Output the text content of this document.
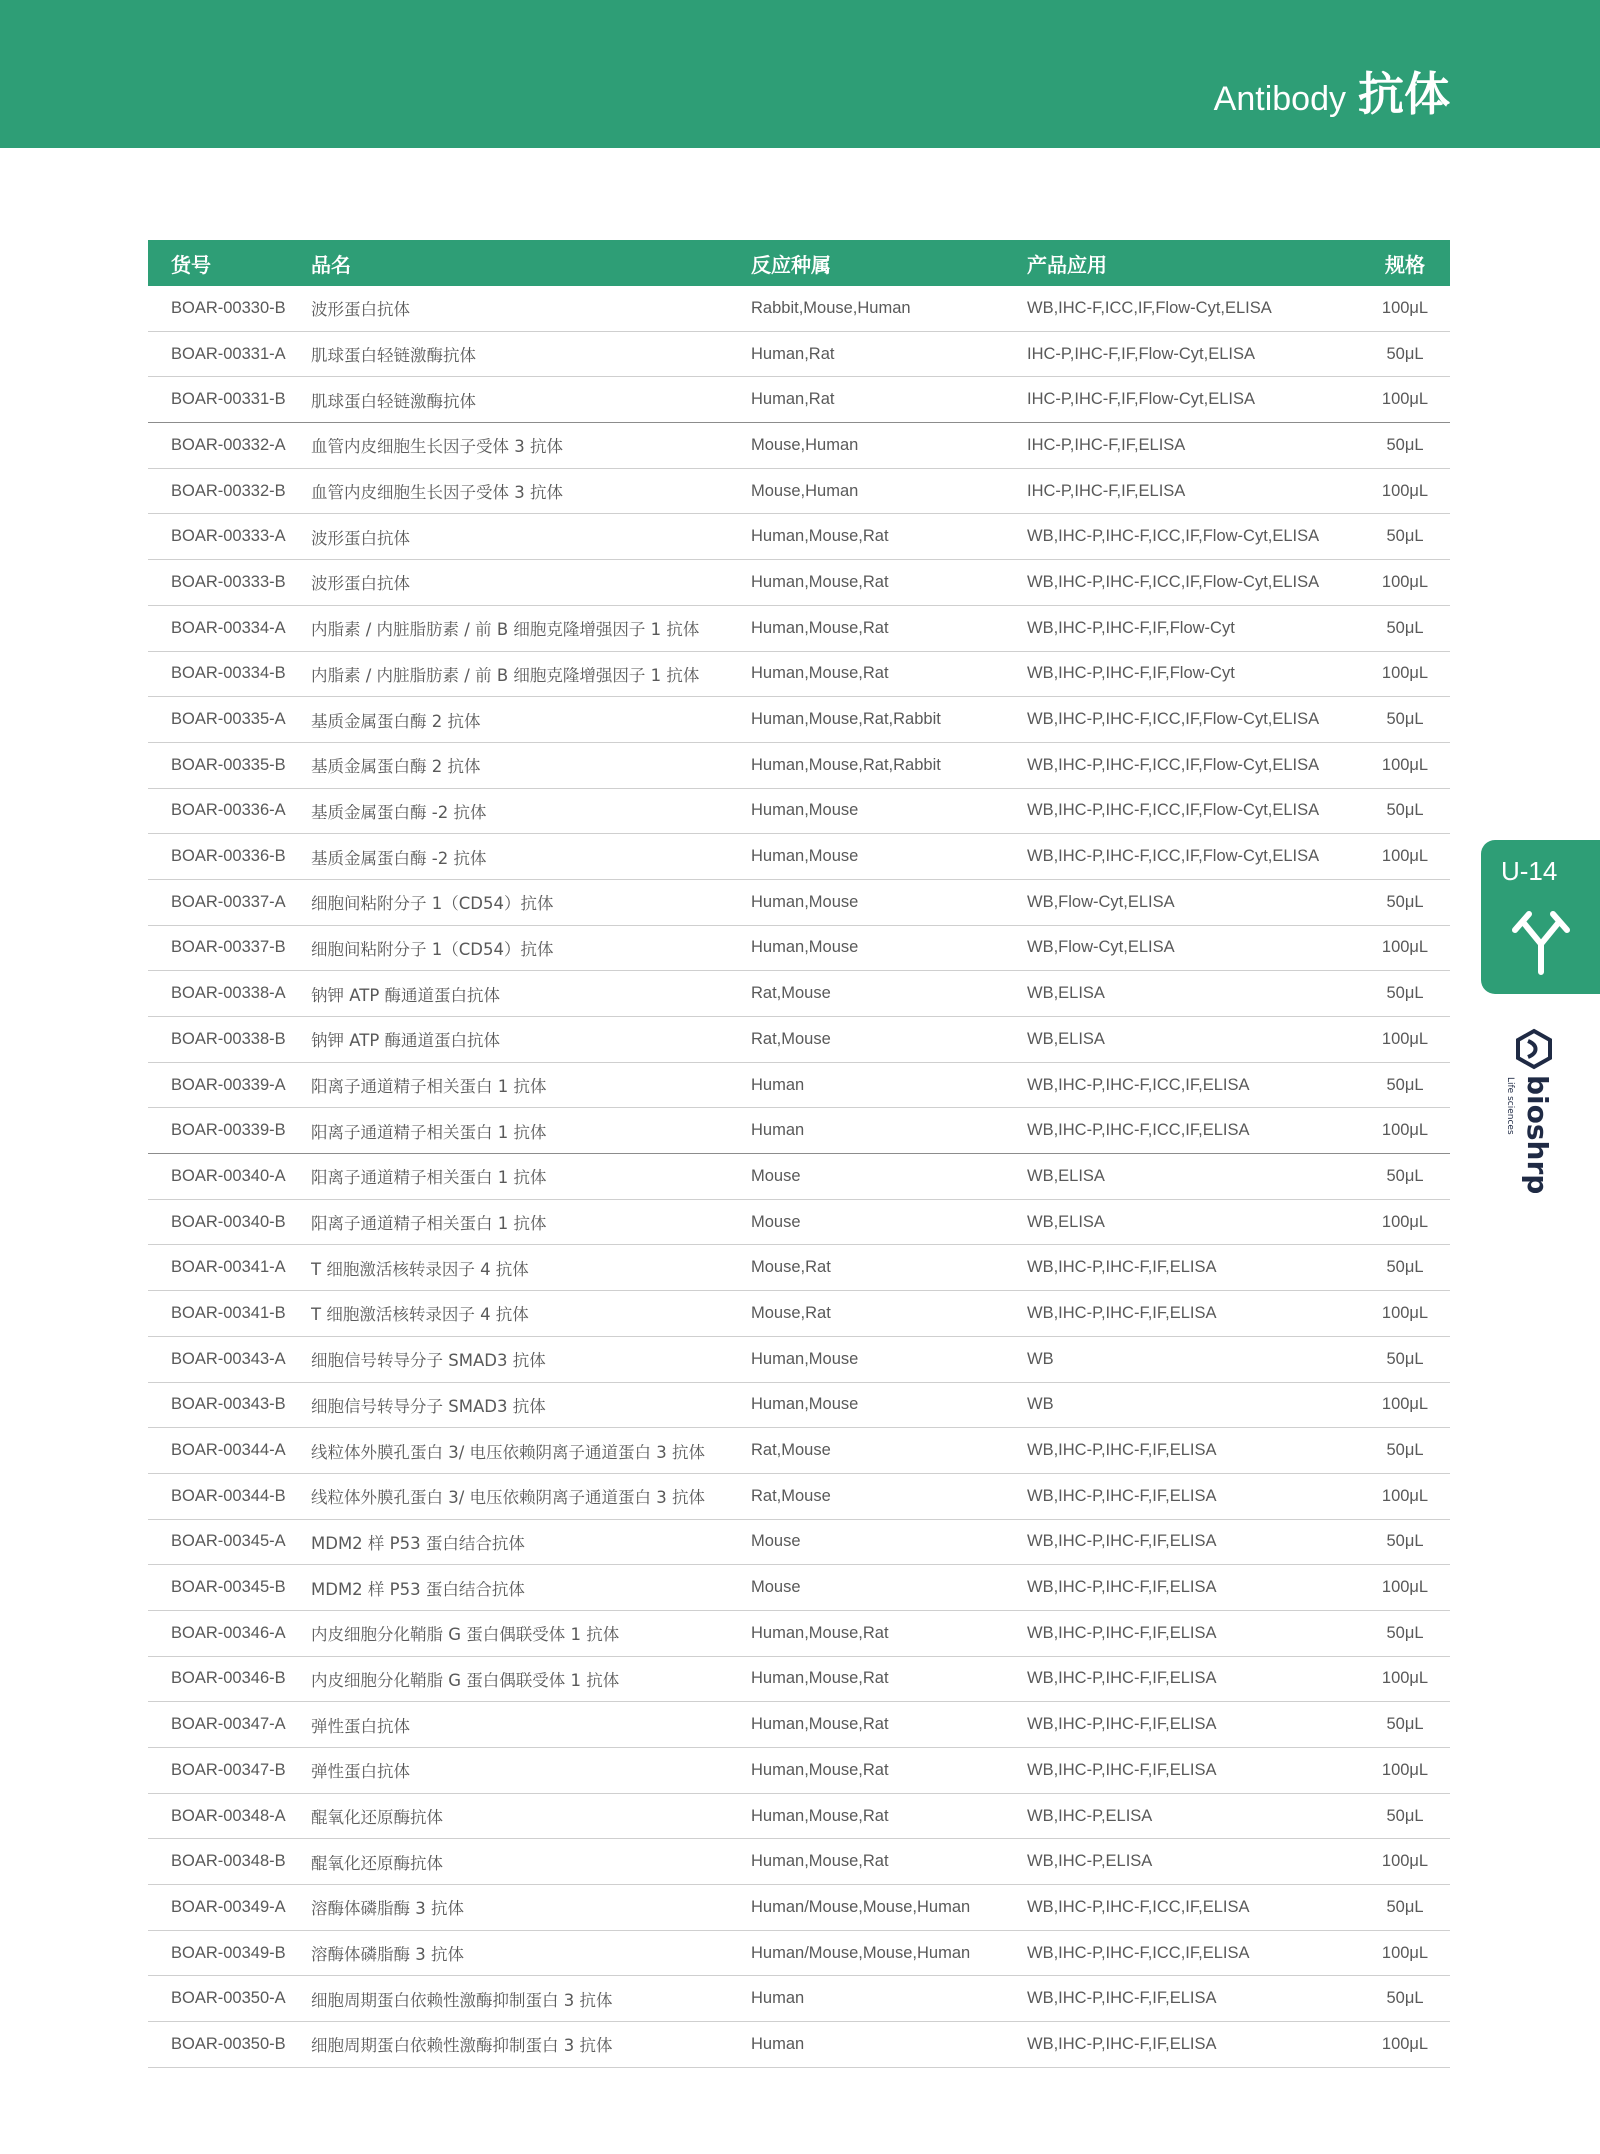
Antibody 抗体
货号	品名	反应种属	产品应用	规格
BOAR-00330-B	波形蛋白抗体	Rabbit,Mouse,Human	WB,IHC-F,ICC,IF,Flow-Cyt,ELISA	100μL
BOAR-00331-A	肌球蛋白轻链激酶抗体	Human,Rat	IHC-P,IHC-F,IF,Flow-Cyt,ELISA	50μL
BOAR-00331-B	肌球蛋白轻链激酶抗体	Human,Rat	IHC-P,IHC-F,IF,Flow-Cyt,ELISA	100μL
BOAR-00332-A	血管内皮细胞生长因子受体 3 抗体	Mouse,Human	IHC-P,IHC-F,IF,ELISA	50μL
BOAR-00332-B	血管内皮细胞生长因子受体 3 抗体	Mouse,Human	IHC-P,IHC-F,IF,ELISA	100μL
BOAR-00333-A	波形蛋白抗体	Human,Mouse,Rat	WB,IHC-P,IHC-F,ICC,IF,Flow-Cyt,ELISA	50μL
BOAR-00333-B	波形蛋白抗体	Human,Mouse,Rat	WB,IHC-P,IHC-F,ICC,IF,Flow-Cyt,ELISA	100μL
BOAR-00334-A	内脂素 / 内脏脂肪素 / 前 B 细胞克隆增强因子 1 抗体	Human,Mouse,Rat	WB,IHC-P,IHC-F,IF,Flow-Cyt	50μL
BOAR-00334-B	内脂素 / 内脏脂肪素 / 前 B 细胞克隆增强因子 1 抗体	Human,Mouse,Rat	WB,IHC-P,IHC-F,IF,Flow-Cyt	100μL
BOAR-00335-A	基质金属蛋白酶 2 抗体	Human,Mouse,Rat,Rabbit	WB,IHC-P,IHC-F,ICC,IF,Flow-Cyt,ELISA	50μL
BOAR-00335-B	基质金属蛋白酶 2 抗体	Human,Mouse,Rat,Rabbit	WB,IHC-P,IHC-F,ICC,IF,Flow-Cyt,ELISA	100μL
BOAR-00336-A	基质金属蛋白酶 -2 抗体	Human,Mouse	WB,IHC-P,IHC-F,ICC,IF,Flow-Cyt,ELISA	50μL
BOAR-00336-B	基质金属蛋白酶 -2 抗体	Human,Mouse	WB,IHC-P,IHC-F,ICC,IF,Flow-Cyt,ELISA	100μL
BOAR-00337-A	细胞间粘附分子 1（CD54）抗体	Human,Mouse	WB,Flow-Cyt,ELISA	50μL
BOAR-00337-B	细胞间粘附分子 1（CD54）抗体	Human,Mouse	WB,Flow-Cyt,ELISA	100μL
BOAR-00338-A	钠钾 ATP 酶通道蛋白抗体	Rat,Mouse	WB,ELISA	50μL
BOAR-00338-B	钠钾 ATP 酶通道蛋白抗体	Rat,Mouse	WB,ELISA	100μL
BOAR-00339-A	阳离子通道精子相关蛋白 1 抗体	Human	WB,IHC-P,IHC-F,ICC,IF,ELISA	50μL
BOAR-00339-B	阳离子通道精子相关蛋白 1 抗体	Human	WB,IHC-P,IHC-F,ICC,IF,ELISA	100μL
BOAR-00340-A	阳离子通道精子相关蛋白 1 抗体	Mouse	WB,ELISA	50μL
BOAR-00340-B	阳离子通道精子相关蛋白 1 抗体	Mouse	WB,ELISA	100μL
BOAR-00341-A	T 细胞激活核转录因子 4 抗体	Mouse,Rat	WB,IHC-P,IHC-F,IF,ELISA	50μL
BOAR-00341-B	T 细胞激活核转录因子 4 抗体	Mouse,Rat	WB,IHC-P,IHC-F,IF,ELISA	100μL
BOAR-00343-A	细胞信号转导分子 SMAD3 抗体	Human,Mouse	WB	50μL
BOAR-00343-B	细胞信号转导分子 SMAD3 抗体	Human,Mouse	WB	100μL
BOAR-00344-A	线粒体外膜孔蛋白 3/ 电压依赖阴离子通道蛋白 3 抗体	Rat,Mouse	WB,IHC-P,IHC-F,IF,ELISA	50μL
BOAR-00344-B	线粒体外膜孔蛋白 3/ 电压依赖阴离子通道蛋白 3 抗体	Rat,Mouse	WB,IHC-P,IHC-F,IF,ELISA	100μL
BOAR-00345-A	MDM2 样 P53 蛋白结合抗体	Mouse	WB,IHC-P,IHC-F,IF,ELISA	50μL
BOAR-00345-B	MDM2 样 P53 蛋白结合抗体	Mouse	WB,IHC-P,IHC-F,IF,ELISA	100μL
BOAR-00346-A	内皮细胞分化鞘脂 G 蛋白偶联受体 1 抗体	Human,Mouse,Rat	WB,IHC-P,IHC-F,IF,ELISA	50μL
BOAR-00346-B	内皮细胞分化鞘脂 G 蛋白偶联受体 1 抗体	Human,Mouse,Rat	WB,IHC-P,IHC-F,IF,ELISA	100μL
BOAR-00347-A	弹性蛋白抗体	Human,Mouse,Rat	WB,IHC-P,IHC-F,IF,ELISA	50μL
BOAR-00347-B	弹性蛋白抗体	Human,Mouse,Rat	WB,IHC-P,IHC-F,IF,ELISA	100μL
BOAR-00348-A	醌氧化还原酶抗体	Human,Mouse,Rat	WB,IHC-P,ELISA	50μL
BOAR-00348-B	醌氧化还原酶抗体	Human,Mouse,Rat	WB,IHC-P,ELISA	100μL
BOAR-00349-A	溶酶体磷脂酶 3 抗体	Human/Mouse,Mouse,Human	WB,IHC-P,IHC-F,ICC,IF,ELISA	50μL
BOAR-00349-B	溶酶体磷脂酶 3 抗体	Human/Mouse,Mouse,Human	WB,IHC-P,IHC-F,ICC,IF,ELISA	100μL
BOAR-00350-A	细胞周期蛋白依赖性激酶抑制蛋白 3 抗体	Human	WB,IHC-P,IHC-F,IF,ELISA	50μL
BOAR-00350-B	细胞周期蛋白依赖性激酶抑制蛋白 3 抗体	Human	WB,IHC-P,IHC-F,IF,ELISA	100μL
U-14
bioshrp
Life sciences
